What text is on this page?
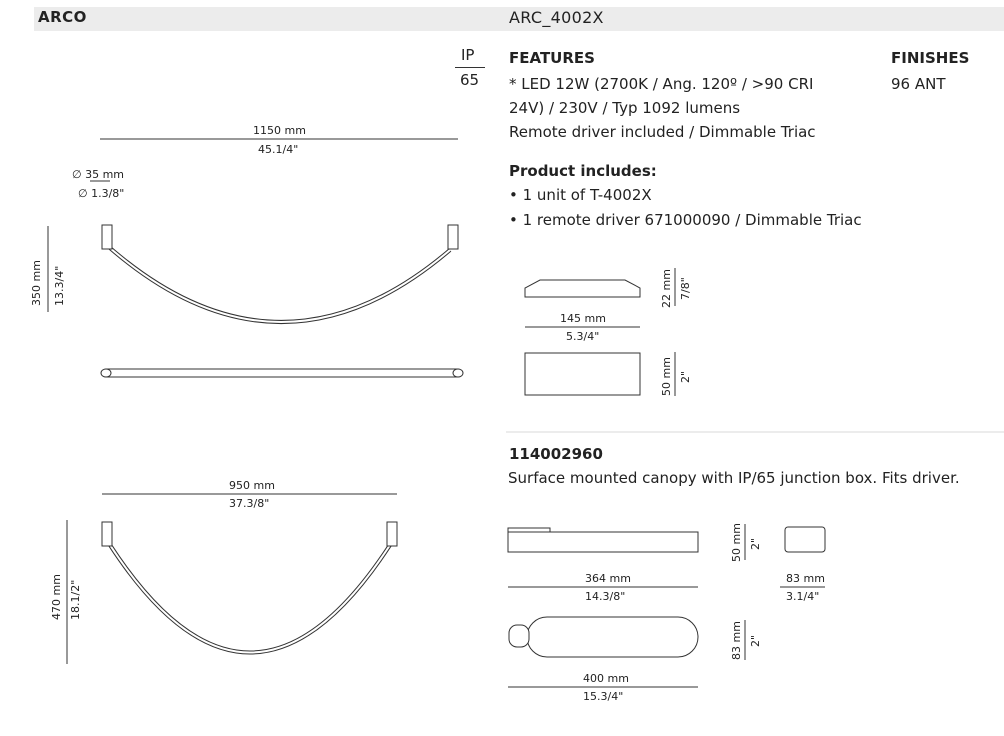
ARCO	ARC_4002X
IP
65
FEATURES
* LED 12W (2700K / Ang. 120º / >90 CRI
24V) / 230V / Typ 1092 lumens
Remote driver included / Dimmable Triac
FINISHES
96 ANT
Product includes:
• 1 unit of T-4002X
• 1 remote driver 671000090 / Dimmable Triac
1150 mm
45.1/4"
∅ 35 mm
∅ 1.3/8"
350 mm 13.3/4"
950 mm
37.3/8"
470 mm 18.1/2"
145 mm
5.3/4"
22 mm 7/8"
50 mm 2"
114002960
Surface mounted canopy with IP/65 junction box. Fits driver.
364 mm
14.3/8"
50 mm 2"
83 mm
3.1/4"
83 mm 2"
400 mm
15.3/4"
